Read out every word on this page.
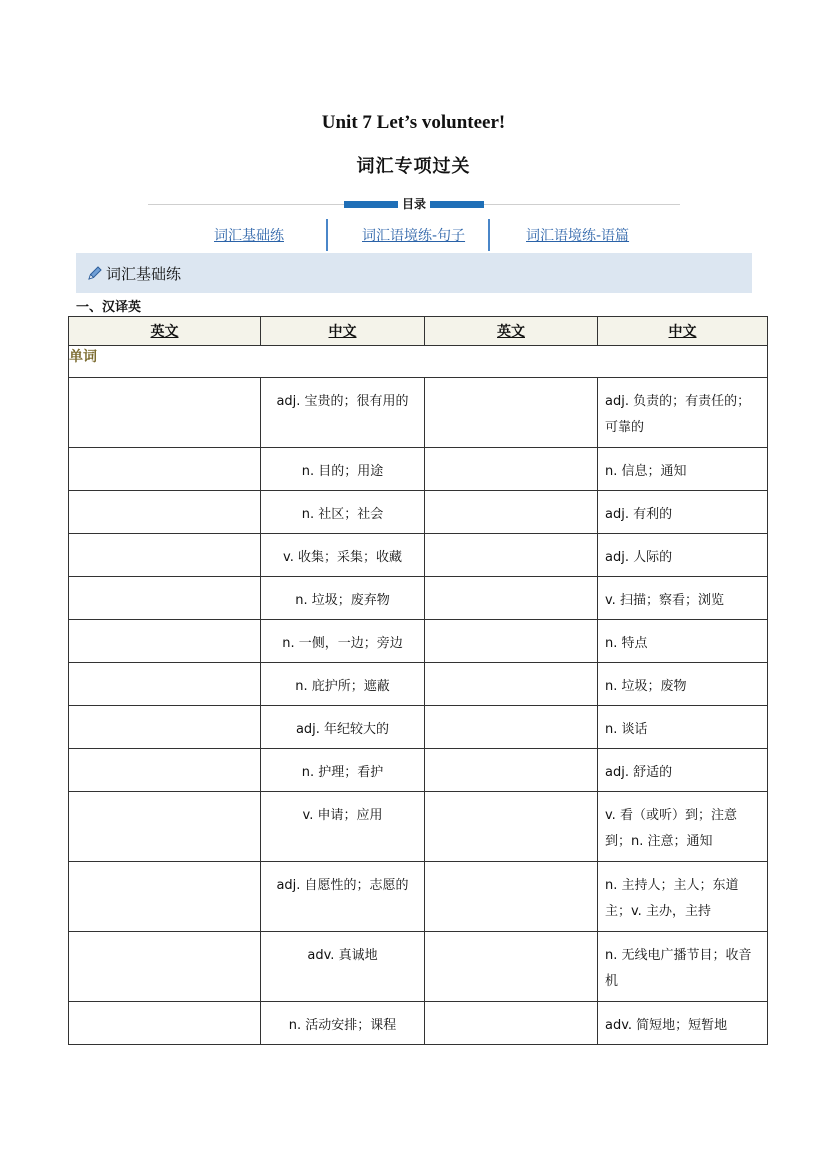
Unit 7 Let’s volunteer!
词汇专项过关
目录
词汇基础练	词汇语境练-句子	词汇语境练-语篇
词汇基础练
一、汉译英
英文	中文	英文	中文
单词			
	adj. 宝贵的；很有用的		adj. 负责的；有责任的；可靠的
	n. 目的；用途		n. 信息；通知
	n. 社区；社会		adj. 有利的
	v. 收集；采集；收藏		adj. 人际的
	n. 垃圾；废弃物		v. 扫描；察看；浏览
	n. 一侧，一边；旁边		n. 特点
	n. 庇护所；遮蔽		n. 垃圾；废物
	adj. 年纪较大的		n. 谈话
	n. 护理；看护		adj. 舒适的
	v. 申请；应用		v. 看（或听）到；注意到；n. 注意；通知
	adj. 自愿性的；志愿的		n. 主持人；主人；东道主；v. 主办，主持
	adv. 真诚地		n. 无线电广播节目；收音机
	n. 活动安排；课程		adv. 简短地；短暂地
